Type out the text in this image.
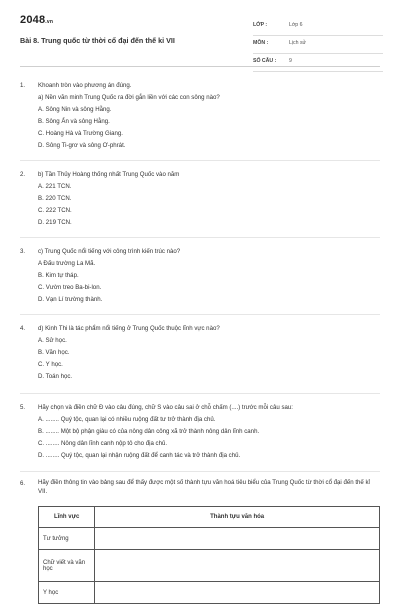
2048.vn
Bài 8. Trung quốc từ thời cổ đại đến thế kỉ VII
LỚP :	Lớp 6
MÔN :	Lịch sử
SỐ CÂU : 9
1.	Khoanh tròn vào phương án đúng.
a) Nền văn minh Trung Quốc ra đời gắn liền với các con sông nào?
A. Sông Nin và sông Hằng.
B. Sông Ấn và sông Hằng.
C. Hoàng Hà và Trường Giang.
D. Sông Ti-grơ và sông Ơ-phrát.
2.	b) Tần Thủy Hoàng thống nhất Trung Quốc vào năm
A. 221 TCN.
B. 220 TCN.
C. 222 TCN.
D. 219 TCN.
3.	c) Trung Quốc nổi tiếng với công trình kiến trúc nào?
A Đấu trường La Mã.
B. Kim tự tháp.
C. Vườn treo Ba-bi-lon.
D. Vạn Lí trường thành.
4.	d) Kinh Thi là tác phẩm nổi tiếng ở Trung Quốc thuộc lĩnh vực nào?
A. Sử học.
B. Văn học.
C. Y học.
D. Toán học.
5.	Hãy chọn và điền chữ Đ vào câu đúng, chữ S vào câu sai ở chỗ chấm (....) trước mỗi câu sau:
A. ........ Quý tộc, quan lại có nhiều ruộng đất tư trở thành địa chủ.
B. ........ Một bộ phận giàu có của nông dân công xã trở thành nông dân lĩnh canh.
C. ........ Nông dân lĩnh canh nộp tô cho địa chủ.
D. ........ Quý tộc, quan lại nhận ruộng đất để canh tác và trở thành địa chủ.
6.	Hãy điền thông tin vào bảng sau để thấy được một số thành tựu văn hoá tiêu biểu của Trung Quốc từ thời cổ đại đến thế kỉ VII.
Lĩnh vực	Thành tựu văn hóa
Tư tưởng	
Chữ viết và văn học	
Y học	
